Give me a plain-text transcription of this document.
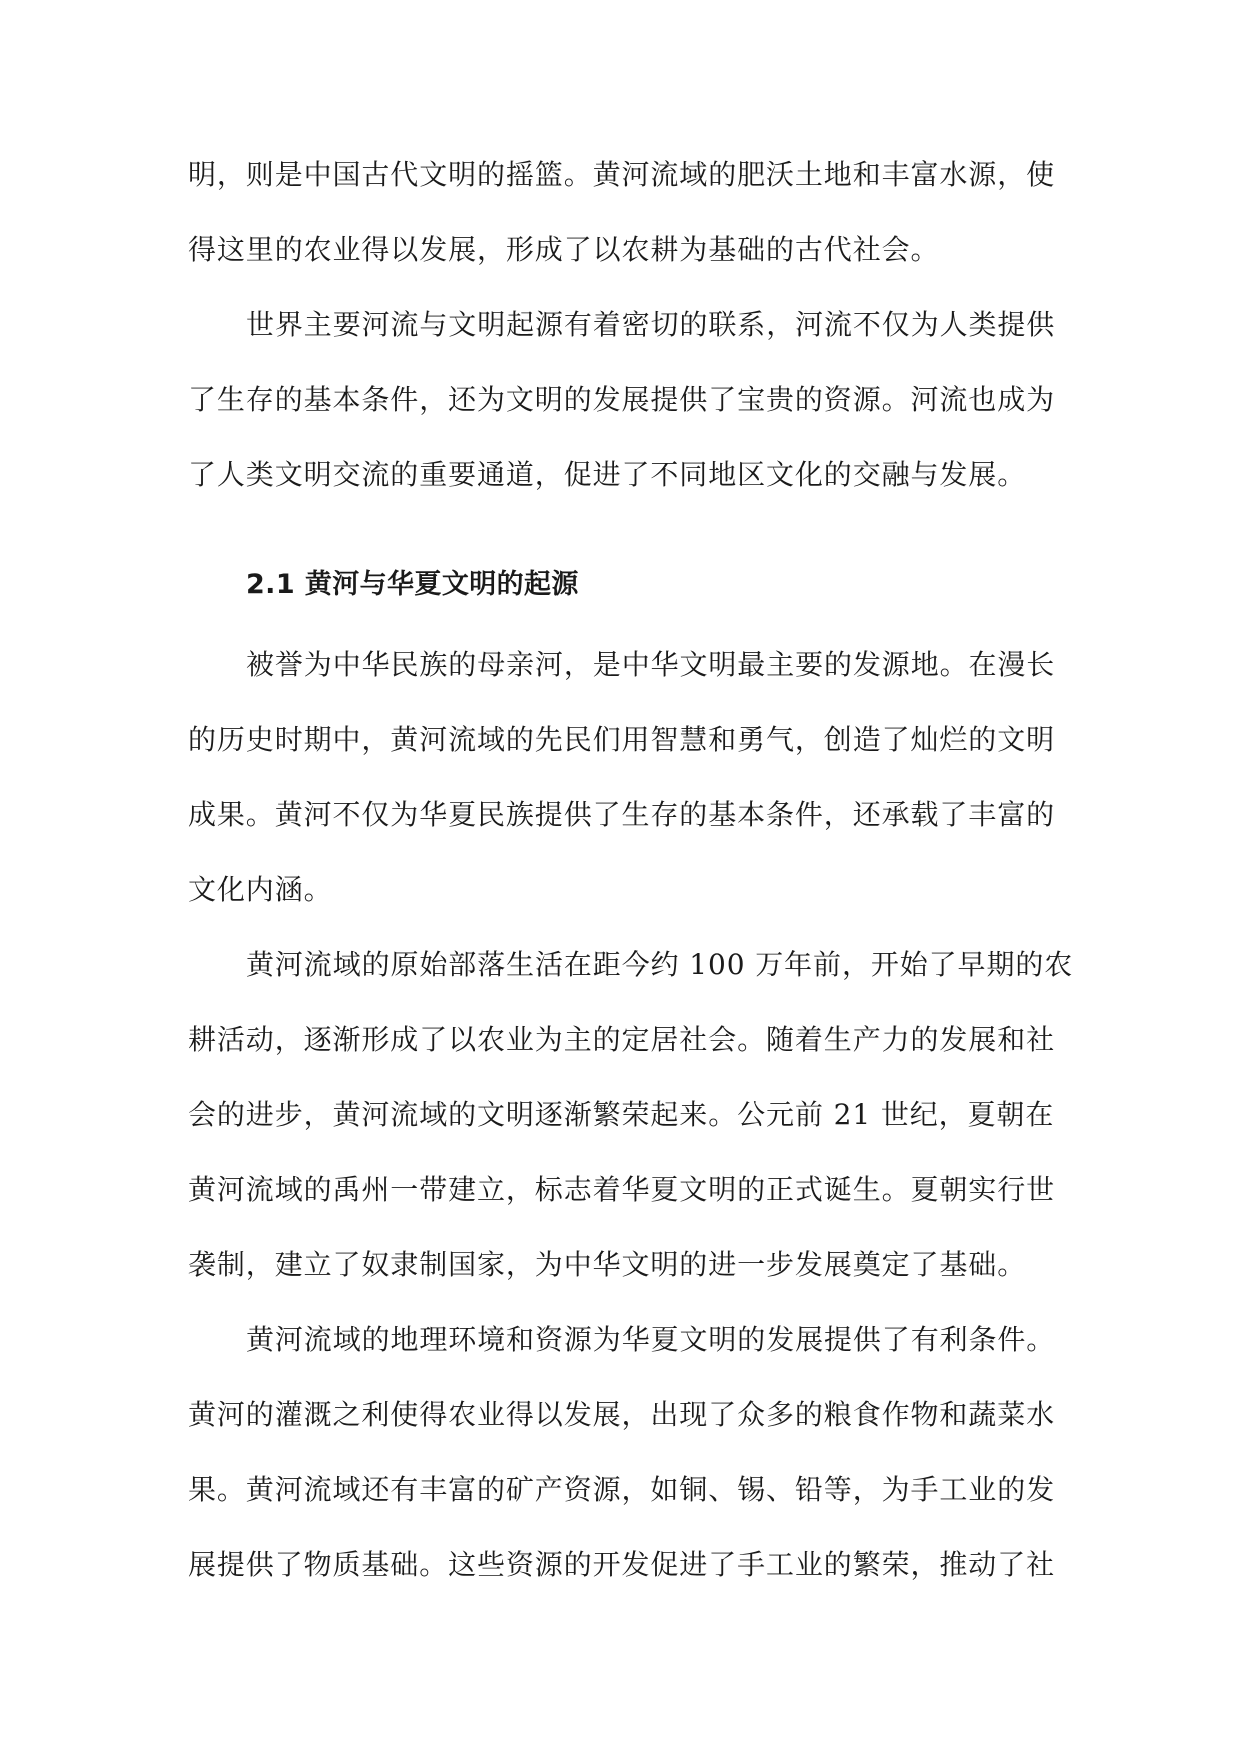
明，则是中国古代文明的摇篮。黄河流域的肥沃土地和丰富水源，使
得这里的农业得以发展，形成了以农耕为基础的古代社会。
世界主要河流与文明起源有着密切的联系，河流不仅为人类提供
了生存的基本条件，还为文明的发展提供了宝贵的资源。河流也成为
了人类文明交流的重要通道，促进了不同地区文化的交融与发展。
2.1 黄河与华夏文明的起源
被誉为中华民族的母亲河，是中华文明最主要的发源地。在漫长
的历史时期中，黄河流域的先民们用智慧和勇气，创造了灿烂的文明
成果。黄河不仅为华夏民族提供了生存的基本条件，还承载了丰富的
文化内涵。
黄河流域的原始部落生活在距今约 100 万年前，开始了早期的农
耕活动，逐渐形成了以农业为主的定居社会。随着生产力的发展和社
会的进步，黄河流域的文明逐渐繁荣起来。公元前 21 世纪，夏朝在
黄河流域的禹州一带建立，标志着华夏文明的正式诞生。夏朝实行世
袭制，建立了奴隶制国家，为中华文明的进一步发展奠定了基础。
黄河流域的地理环境和资源为华夏文明的发展提供了有利条件。
黄河的灌溉之利使得农业得以发展，出现了众多的粮食作物和蔬菜水
果。黄河流域还有丰富的矿产资源，如铜、锡、铅等，为手工业的发
展提供了物质基础。这些资源的开发促进了手工业的繁荣，推动了社
